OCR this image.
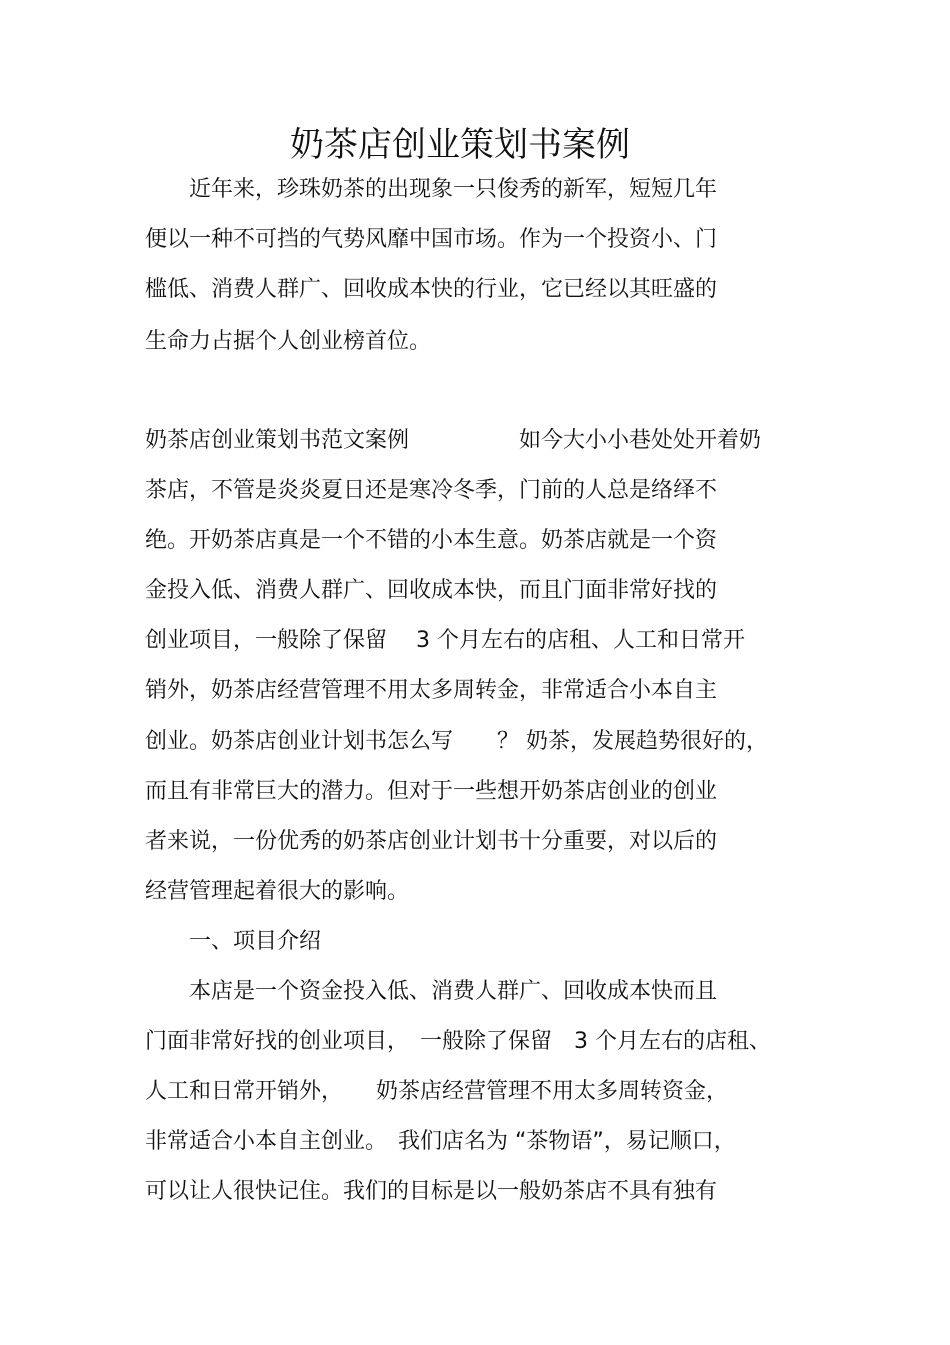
奶茶店创业策划书案例
　　近年来，珍珠奶茶的出现象一只俊秀的新军，短短几年
便以一种不可挡的气势风靡中国市场。作为一个投资小、门
槛低、消费人群广、回收成本快的行业，它已经以其旺盛的
生命力占据个人创业榜首位。
奶茶店创业策划书范文案例　　　　　如今大小小巷处处开着奶
茶店，不管是炎炎夏日还是寒冷冬季，门前的人总是络绎不
绝。开奶茶店真是一个不错的小本生意。奶茶店就是一个资
金投入低、消费人群广、回收成本快，而且门面非常好找的
创业项目，一般除了保留　 3 个月左右的店租、人工和日常开
销外，奶茶店经营管理不用太多周转金，非常适合小本自主
创业。奶茶店创业计划书怎么写　　？ 奶茶，发展趋势很好的，
而且有非常巨大的潜力。但对于一些想开奶茶店创业的创业
者来说，一份优秀的奶茶店创业计划书十分重要，对以后的
经营管理起着很大的影响。
　　一、项目介绍
　　本店是一个资金投入低、消费人群广、回收成本快而且
门面非常好找的创业项目，　一般除了保留　3 个月左右的店租、
人工和日常开销外，　　奶茶店经营管理不用太多周转资金，
非常适合小本自主创业。　我们店名为 “茶物语”，易记顺口，
可以让人很快记住。我们的目标是以一般奶茶店不具有独有
